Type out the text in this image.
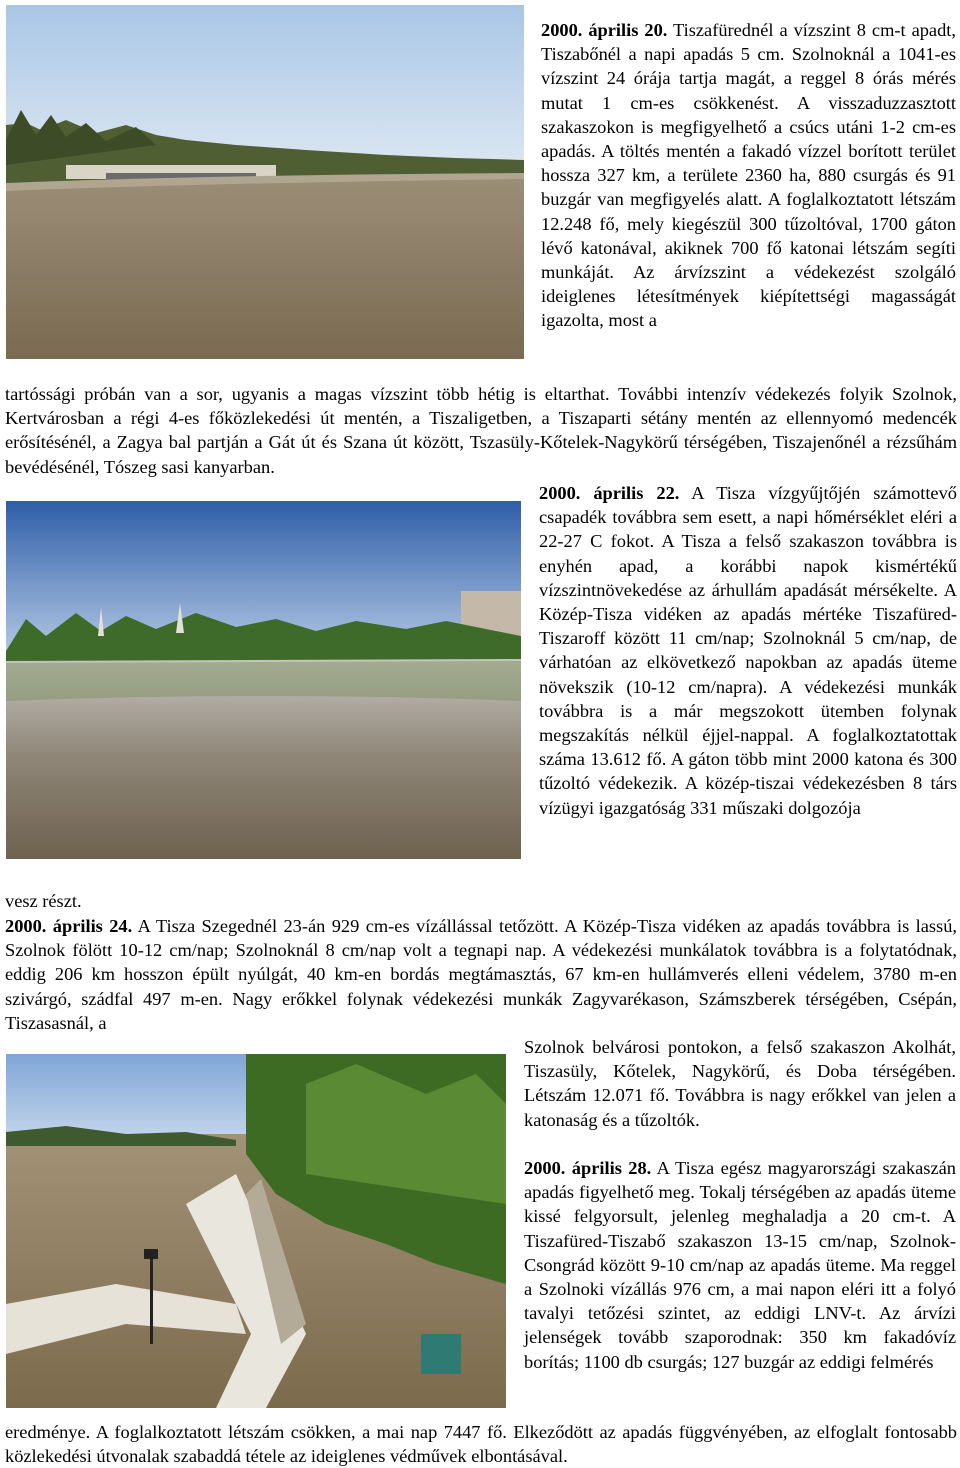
2000. április 20. Tiszafürednél a vízszint 8 cm-t apadt, Tiszabőnél a napi apadás 5 cm. Szolnoknál a 1041-es vízszint 24 órája tartja magát, a reggel 8 órás mérés mutat 1 cm-es csökkenést. A visszaduzzasztott szakaszokon is megfigyelhető a csúcs utáni 1-2 cm-es apadás. A töltés mentén a fakadó vízzel borított terület hossza 327 km, a területe 2360 ha, 880 csurgás és 91 buzgár van megfigyelés alatt. A foglalkoztatott létszám 12.248 fő, mely kiegészül 300 tűzoltóval, 1700 gáton lévő katonával, akiknek 700 fő katonai létszám segíti munkáját. Az árvízszint a védekezést szolgáló ideiglenes létesítmények kiépítettségi magasságát igazolta, most a

tartóssági próbán van a sor, ugyanis a magas vízszint több hétig is eltarthat. További intenzív védekezés folyik Szolnok, Kertvárosban a régi 4-es főközlekedési út mentén, a Tiszaligetben, a Tiszaparti sétány mentén az ellennyomó medencék erősítésénél, a Zagya bal partján a Gát út és Szana út között, Tszasüly-Kőtelek-Nagykörű térségében, Tiszajenőnél a rézsűhám bevédésénél, Tószeg sasi kanyarban.

2000. április 22. A Tisza vízgyűjtőjén számottevő csapadék továbbra sem esett, a napi hőmérséklet eléri a 22-27 C fokot. A Tisza a felső szakaszon továbbra is enyhén apad, a korábbi napok kismértékű vízszintnövekedése az árhullám apadását mérsékelte. A Közép-Tisza vidéken az apadás mértéke Tiszafüred-Tiszaroff között 11 cm/nap; Szolnoknál 5 cm/nap, de várhatóan az elkövetkező napokban az apadás üteme növekszik (10-12 cm/napra). A védekezési munkák továbbra is a már megszokott ütemben folynak megszakítás nélkül éjjel-nappal. A foglalkoztatottak száma 13.612 fő. A gáton több mint 2000 katona és 300 tűzoltó védekezik. A közép-tiszai védekezésben 8 társ vízügyi igazgatóság 331 műszaki dolgozója

vesz részt.
2000. április 24. A Tisza Szegednél 23-án 929 cm-es vízállással tetőzött. A Közép-Tisza vidéken az apadás továbbra is lassú, Szolnok fölött 10-12 cm/nap; Szolnoknál 8 cm/nap volt a tegnapi nap. A védekezési munkálatok továbbra is a folytatódnak, eddig 206 km hosszon épült nyúlgát, 40 km-en bordás megtámasztás, 67 km-en hullámverés elleni védelem, 3780 m-en szivárgó, szádfal 497 m-en. Nagy erőkkel folynak védekezési munkák Zagyvarékason, Számszberek térségében, Csépán, Tiszasasnál, a

Szolnok belvárosi pontokon, a felső szakaszon Akolhát, Tiszasüly, Kőtelek, Nagykörű, és Doba térségében. Létszám 12.071 fő. Továbbra is nagy erőkkel van jelen a katonaság és a tűzoltók.

2000. április 28. A Tisza egész magyarországi szakaszán apadás figyelhető meg. Tokalj térségében az apadás üteme kissé felgyorsult, jelenleg meghaladja a 20 cm-t. A Tiszafüred-Tiszabő szakaszon 13-15 cm/nap, Szolnok-Csongrád között 9-10 cm/nap az apadás üteme. Ma reggel a Szolnoki vízállás 976 cm, a mai napon eléri itt a folyó tavalyi tetőzési szintet, az eddigi LNV-t. Az árvízi jelenségek tovább szaporodnak: 350 km fakadóvíz borítás; 1100 db csurgás; 127 buzgár az eddigi felmérés

eredménye. A foglalkoztatott létszám csökken, a mai nap 7447 fő. Elkeződött az apadás függvényében, az elfoglalt fontosabb közlekedési útvonalak szabaddá tétele az ideiglenes védművek elbontásával.
